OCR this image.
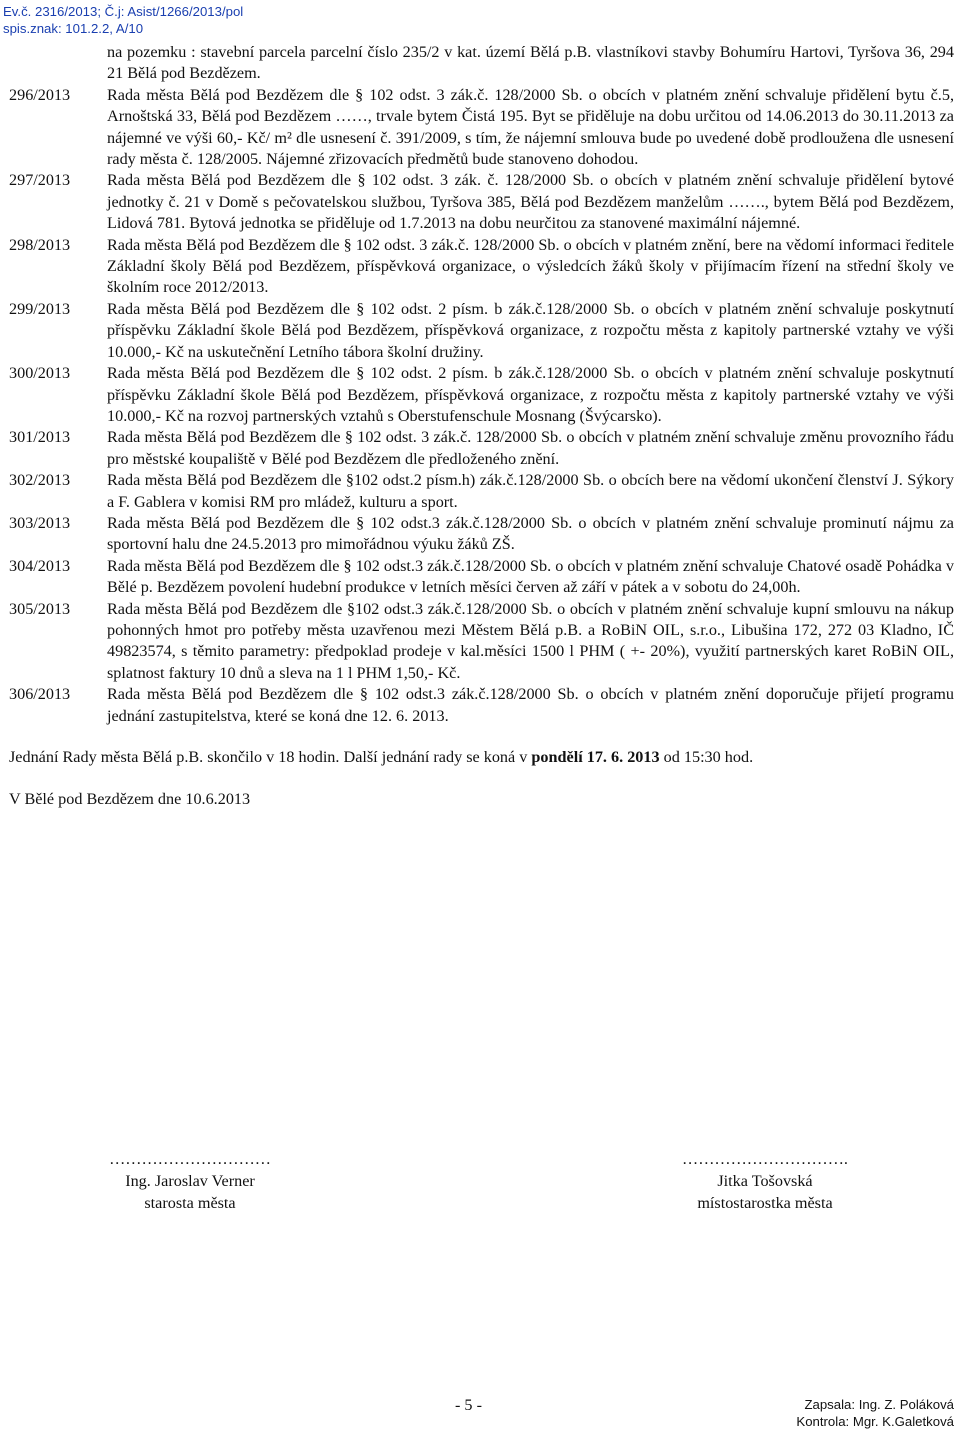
Ev.č. 2316/2013; Č.j: Asist/1266/2013/pol
spis.znak: 101.2.2, A/10
na pozemku : stavební parcela parcelní číslo 235/2 v kat. území Bělá p.B. vlastníkovi stavby Bohumíru Hartovi, Tyršova 36, 294 21 Bělá pod Bezdězem.
296/2013	Rada města Bělá pod Bezdězem dle § 102 odst. 3 zák.č. 128/2000 Sb. o obcích v platném znění schvaluje přidělení bytu č.5, Arnoštská 33, Bělá pod Bezdězem ……, trvale bytem Čistá 195. Byt se přiděluje na dobu určitou od 14.06.2013 do 30.11.2013 za nájemné ve výši 60,- Kč/ m² dle usnesení č. 391/2009, s tím, že nájemní smlouva bude po uvedené době prodloužena dle usnesení rady města č. 128/2005. Nájemné zřizovacích předmětů bude stanoveno dohodou.
297/2013	Rada města Bělá pod Bezdězem dle § 102 odst. 3 zák. č. 128/2000 Sb. o obcích v platném znění schvaluje přidělení bytové jednotky č. 21 v Domě s pečovatelskou službou, Tyršova 385, Bělá pod Bezdězem manželům ……., bytem Bělá pod Bezdězem, Lidová 781. Bytová jednotka se přiděluje od 1.7.2013 na dobu neurčitou za stanovené maximální nájemné.
298/2013	Rada města Bělá pod Bezdězem dle § 102 odst. 3 zák.č. 128/2000 Sb. o obcích v platném znění, bere na vědomí informaci ředitele Základní školy Bělá pod Bezdězem, příspěvková organizace, o výsledcích žáků školy v přijímacím řízení na střední školy ve školním roce 2012/2013.
299/2013	Rada města Bělá pod Bezdězem dle § 102 odst. 2 písm. b zák.č.128/2000 Sb. o obcích v platném znění schvaluje poskytnutí příspěvku Základní škole Bělá pod Bezdězem, příspěvková organizace, z rozpočtu města z kapitoly partnerské vztahy ve výši 10.000,- Kč na uskutečnění Letního tábora školní družiny.
300/2013	Rada města Bělá pod Bezdězem dle § 102 odst. 2 písm. b zák.č.128/2000 Sb. o obcích v platném znění schvaluje poskytnutí příspěvku Základní škole Bělá pod Bezdězem, příspěvková organizace, z rozpočtu města z kapitoly partnerské vztahy ve výši 10.000,- Kč na rozvoj partnerských vztahů s Oberstufenschule Mosnang (Švýcarsko).
301/2013	Rada města Bělá pod Bezdězem dle § 102 odst. 3 zák.č. 128/2000 Sb. o obcích v platném znění schvaluje změnu provozního řádu pro městské koupaliště v Bělé pod Bezdězem dle předloženého znění.
302/2013	Rada města Bělá pod Bezdězem dle §102 odst.2 písm.h) zák.č.128/2000 Sb. o obcích bere na vědomí ukončení členství J. Sýkory a F. Gablera v komisi RM pro mládež, kulturu a sport.
303/2013	Rada města Bělá pod Bezdězem dle § 102 odst.3 zák.č.128/2000 Sb. o obcích v platném znění schvaluje prominutí nájmu za sportovní halu dne 24.5.2013 pro mimořádnou výuku žáků ZŠ.
304/2013	Rada města Bělá pod Bezdězem dle § 102 odst.3 zák.č.128/2000 Sb. o obcích v platném znění schvaluje Chatové osadě Pohádka v Bělé p. Bezdězem povolení hudební produkce v letních měsíci červen až září v pátek a v sobotu do 24,00h.
305/2013	Rada města Bělá pod Bezdězem dle §102 odst.3 zák.č.128/2000 Sb. o obcích v platném znění schvaluje kupní smlouvu na nákup pohonných hmot pro potřeby města uzavřenou mezi Městem Bělá p.B. a RoBiN OIL, s.r.o., Libušina 172, 272 03 Kladno, IČ 49823574, s těmito parametry: předpoklad prodeje v kal.měsíci 1500 l PHM ( +- 20%), využití partnerských karet RoBiN OIL, splatnost faktury 10 dnů a sleva na 1 l PHM 1,50,- Kč.
306/2013	Rada města Bělá pod Bezdězem dle § 102 odst.3 zák.č.128/2000 Sb. o obcích v platném znění doporučuje přijetí programu jednání zastupitelstva, které se koná dne 12. 6. 2013.
Jednání Rady města Bělá p.B. skončilo v 18 hodin. Další jednání rady se koná v pondělí 17. 6. 2013 od 15:30 hod.
V Bělé pod Bezdězem dne 10.6.2013
…………………………
Ing. Jaroslav Verner
starosta města
………………………….
Jitka Tošovská
místostarostka města
- 5 -	Zapsala: Ing. Z. Poláková
Kontrola: Mgr. K.Galetková
